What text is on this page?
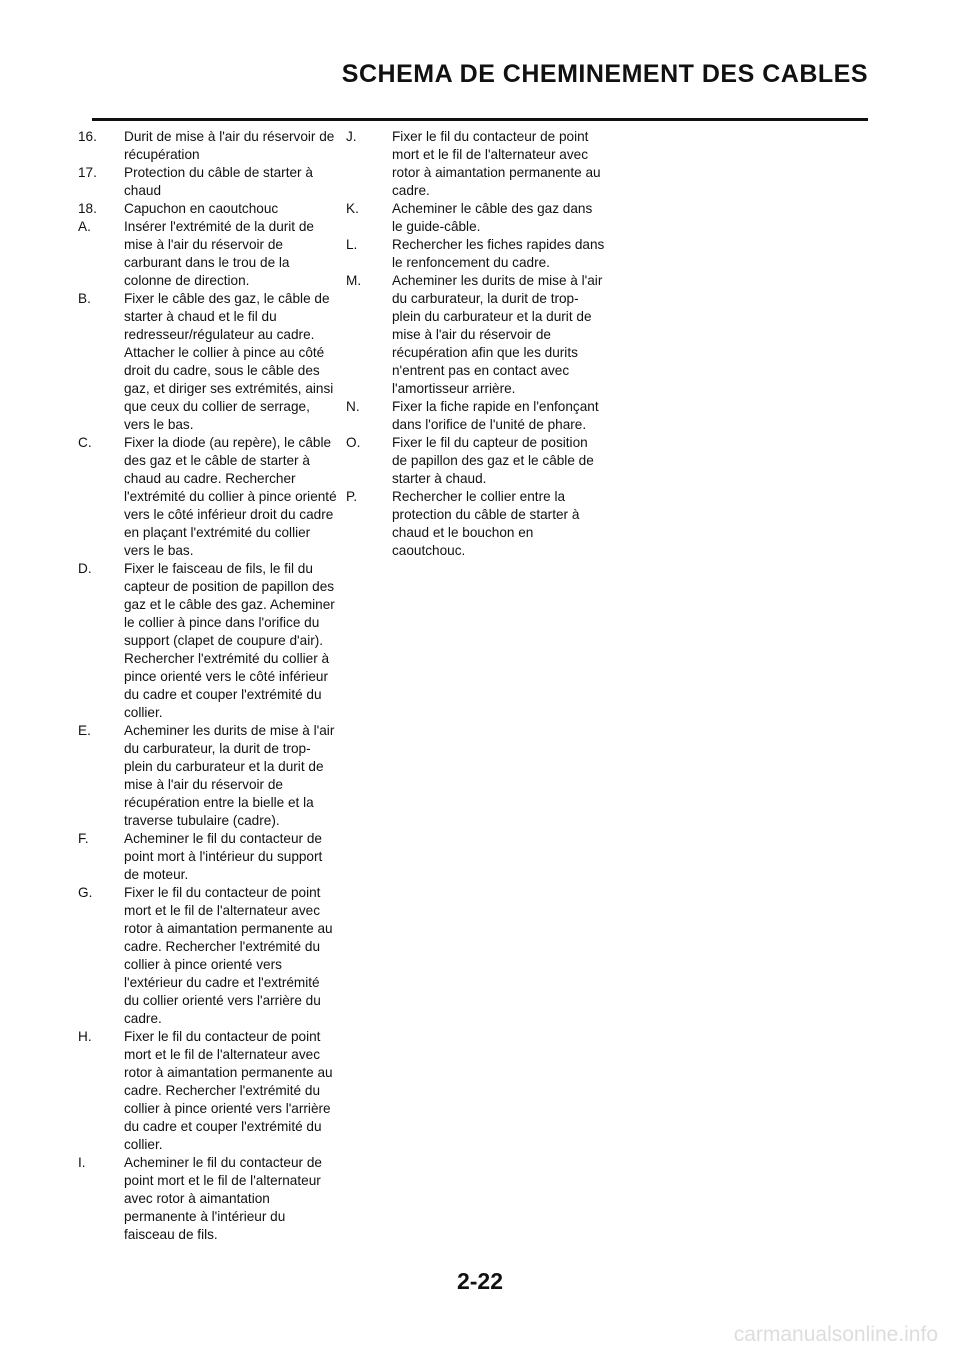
SCHEMA DE CHEMINEMENT DES CABLES
16. Durit de mise à l'air du réservoir de récupération
17. Protection du câble de starter à chaud
18. Capuchon en caoutchouc
A. Insérer l'extrémité de la durit de mise à l'air du réservoir de carburant dans le trou de la colonne de direction.
B. Fixer le câble des gaz, le câble de starter à chaud et le fil du redresseur/régulateur au cadre. Attacher le collier à pince au côté droit du cadre, sous le câble des gaz, et diriger ses extrémités, ainsi que ceux du collier de serrage, vers le bas.
C. Fixer la diode (au repère), le câble des gaz et le câble de starter à chaud au cadre. Rechercher l'extrémité du collier à pince orienté vers le côté inférieur droit du cadre en plaçant l'extrémité du collier vers le bas.
D. Fixer le faisceau de fils, le fil du capteur de position de papillon des gaz et le câble des gaz. Acheminer le collier à pince dans l'orifice du support (clapet de coupure d'air). Rechercher l'extrémité du collier à pince orienté vers le côté inférieur du cadre et couper l'extrémité du collier.
E. Acheminer les durits de mise à l'air du carburateur, la durit de trop-plein du carburateur et la durit de mise à l'air du réservoir de récupération entre la bielle et la traverse tubulaire (cadre).
F.	Acheminer le fil du contacteur de point mort à l'intérieur du support de moteur.
G. Fixer le fil du contacteur de point mort et le fil de l'alternateur avec rotor à aimantation permanente au cadre. Rechercher l'extrémité du collier à pince orienté vers l'extérieur du cadre et l'extrémité du collier orienté vers l'arrière du cadre.
H. Fixer le fil du contacteur de point mort et le fil de l'alternateur avec rotor à aimantation permanente au cadre. Rechercher l'extrémité du collier à pince orienté vers l'arrière du cadre et couper l'extrémité du collier.
I.	Acheminer le fil du contacteur de point mort et le fil de l'alternateur avec rotor à aimantation permanente à l'intérieur du faisceau de fils.
J.	Fixer le fil du contacteur de point mort et le fil de l'alternateur avec rotor à aimantation permanente au cadre.
K. Acheminer le câble des gaz dans le guide-câble.
L.	Rechercher les fiches rapides dans le renfoncement du cadre.
M. Acheminer les durits de mise à l'air du carburateur, la durit de trop-plein du carburateur et la durit de mise à l'air du réservoir de récupération afin que les durits n'entrent pas en contact avec l'amortisseur arrière.
N. Fixer la fiche rapide en l'enfonçant dans l'orifice de l'unité de phare.
O. Fixer le fil du capteur de position de papillon des gaz et le câble de starter à chaud.
P.	Rechercher le collier entre la protection du câble de starter à chaud et le bouchon en caoutchouc.
2-22
carmanualsonline.info
